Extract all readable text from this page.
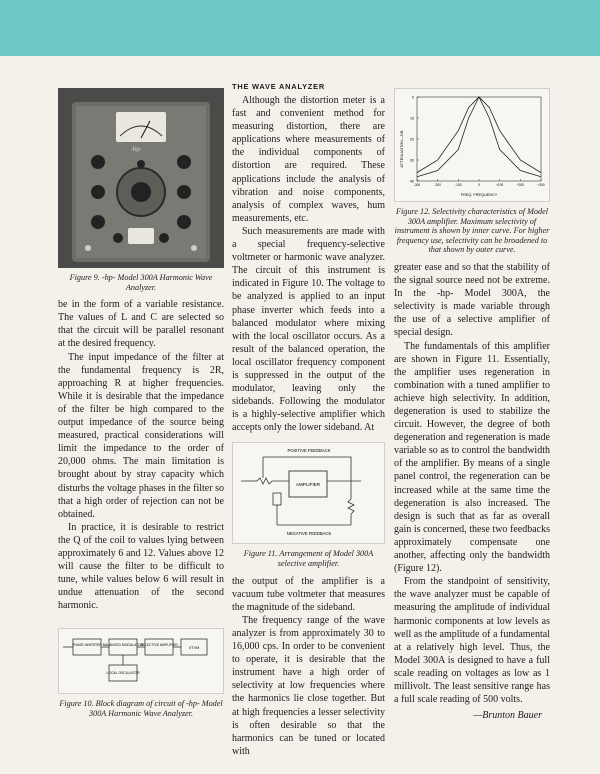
-hp-
Figure 9. -hp- Model 300A Harmonic Wave Analyzer.

be in the form of a variable resistance. The values of L and C are selected so that the circuit will be parallel resonant at the desired frequency.

The input impedance of the filter at the fundamental frequency is 2R, approaching R at higher frequencies. While it is desirable that the impedance of the filter be high compared to the output impedance of the source being measured, practical considerations will limit the impedance to the order of 20,000 ohms. The main limitation is brought about by stray capacity which disturbs the voltage phases in the filter so that a high order of rejection can not be obtained.

In practice, it is desirable to restrict the Q of the coil to values lying between approximately 6 and 12. Values above 12 will cause the filter to be difficult to tune, while values below 6 will result in undue attenuation of the second harmonic.

PHASE INVERTER BALANCED MODULATOR
SELECTIVE AMPLIFIER
VTVM
LOCAL OSCILLATOR
Figure 10. Block diagram of circuit of -hp- Model 300A Harmonic Wave Analyzer.
THE WAVE ANALYZER

Although the distortion meter is a fast and convenient method for measuring distortion, there are applications where measurements of the individual components of distortion are required. These applications include the analysis of vibration and noise components, analysis of complex waves, hum measurements, etc.

Such measurements are made with a special frequency-selective voltmeter or harmonic wave analyzer. The circuit of this instrument is indicated in Figure 10. The voltage to be analyzed is applied to an input phase inverter which feeds into a balanced modulator where mixing with the local oscillator occurs. As a result of the balanced operation, the local oscillator frequency component is suppressed in the output of the modulator, leaving only the sidebands. Following the modulator is a highly-selective amplifier which accepts only the lower sideband. At

POSITIVE FEEDBACK
AMPLIFIER
NEGATIVE FEEDBACK
Figure 11. Arrangement of Model 300A selective amplifier.

the output of the amplifier is a vacuum tube voltmeter that measures the magnitude of the sideband.

The frequency range of the wave analyzer is from approximately 30 to 16,000 cps. In order to be convenient to operate, it is desirable that the instrument have a high order of selectivity at low frequencies where the harmonics lie close together. But at high frequencies a lesser selectivity is often desirable so that the harmonics can be tuned or located with

0
10
20
30
40
-300	-200	-100	0	+100	+200	+300
ATTENUATION—DB
FREQ. FREQUENCY
Figure 12. Selectivity characteristics of Model 300A amplifier. Maximum selectivity of instrument is shown by inner curve. For higher frequency use, selectivity can be broadened to that shown by outer curve.

greater ease and so that the stability of the signal source need not be extreme. In the -hp- Model 300A, the selectivity is made variable through the use of a selective amplifier of special design.

The fundamentals of this amplifier are shown in Figure 11. Essentially, the amplifier uses regeneration in combination with a tuned amplifier to achieve high selectivity. In addition, degeneration is used to stabilize the circuit. However, the degree of both degeneration and regeneration is made variable so as to control the bandwidth of the amplifier. By means of a single panel control, the regeneration can be increased while at the same time the degeneration is also increased. The design is such that as far as overall gain is concerned, these two feedbacks approximately compensate one another, affecting only the bandwidth (Figure 12).

From the standpoint of sensitivity, the wave analyzer must be capable of measuring the amplitude of individual harmonic components at low levels as well as the amplitude of a fundamental at a relatively high level. Thus, the Model 300A is designed to have a full scale reading on voltages as low as 1 millivolt. The least sensitive range has a full scale reading of 500 volts.

—Brunton Bauer
